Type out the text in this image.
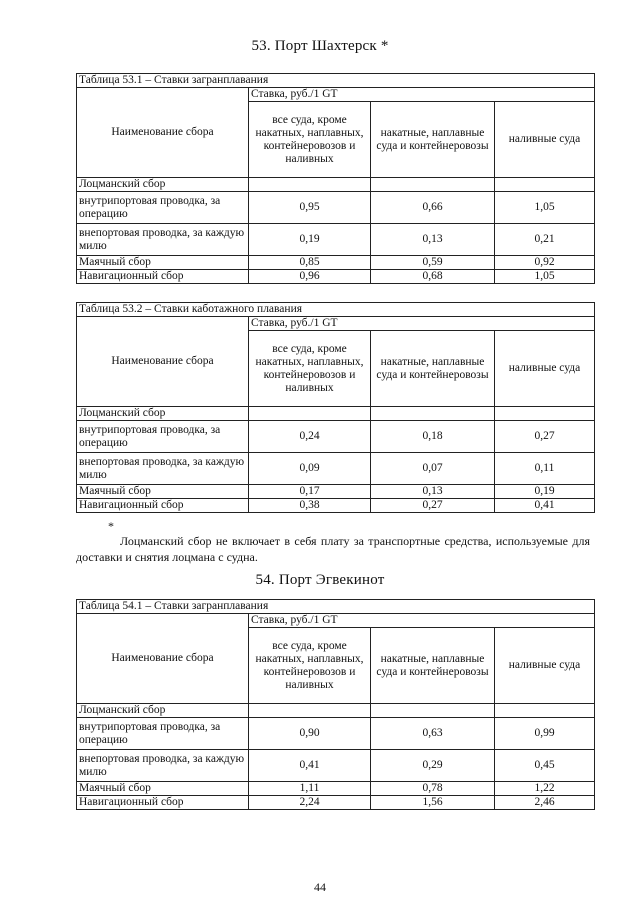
53. Порт Шахтерск *
Таблица 53.1 – Ставки загранплавания			
Наименование сбора	Ставка, руб./1 GT		
	все суда, кроме накатных, наплавных, контейнеровозов и наливных	накатные, наплавные суда и контейнеровозы	наливные суда
Лоцманский сбор			
внутрипортовая проводка, за операцию	0,95	0,66	1,05
внепортовая проводка, за каждую милю	0,19	0,13	0,21
Маячный сбор	0,85	0,59	0,92
Навигационный сбор	0,96	0,68	1,05
Таблица 53.2 – Ставки каботажного плавания			
Наименование сбора	Ставка, руб./1 GT		
	все суда, кроме накатных, наплавных, контейнеровозов и наливных	накатные, наплавные суда и контейнеровозы	наливные суда
Лоцманский сбор			
внутрипортовая проводка, за операцию	0,24	0,18	0,27
внепортовая проводка, за каждую милю	0,09	0,07	0,11
Маячный сбор	0,17	0,13	0,19
Навигационный сбор	0,38	0,27	0,41
*
Лоцманский сбор не включает в себя плату за транспортные средства, используемые для доставки и снятия лоцмана с судна.
54. Порт Эгвекинот
Таблица 54.1 – Ставки загранплавания			
Наименование сбора	Ставка, руб./1 GT		
	все суда, кроме накатных, наплавных, контейнеровозов и наливных	накатные, наплавные суда и контейнеровозы	наливные суда
Лоцманский сбор			
внутрипортовая проводка, за операцию	0,90	0,63	0,99
внепортовая проводка, за каждую милю	0,41	0,29	0,45
Маячный сбор	1,11	0,78	1,22
Навигационный сбор	2,24	1,56	2,46
44
